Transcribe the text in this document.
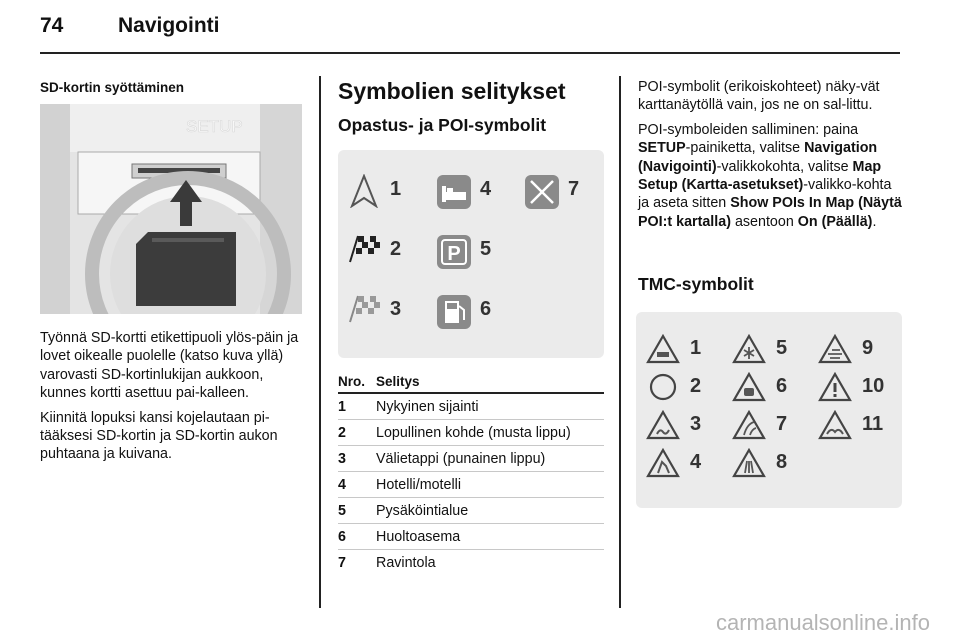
74	Navigointi
SD-kortin syöttäminen
SETUP

Työnnä SD-kortti etikettipuoli ylös-päin ja lovet oikealle puolelle (katso kuva yllä) varovasti SD-kortinlukijan aukkoon, kunnes kortti asettuu pai-kalleen.

Kiinnitä lopuksi kansi kojelautaan pi-tääksesi SD-kortin ja SD-kortin aukon puhtaana ja kuivana.

Symbolien selitykset
Opastus- ja POI-symbolit
1
2
3
4
P 5
6
7
Nro.	Selitys
1	Nykyinen sijainti
2	Lopullinen kohde (musta lippu)
3	Välietappi (punainen lippu)
4	Hotelli/motelli
5	Pysäköintialue
6	Huoltoasema
7	Ravintola

POI-symbolit (erikoiskohteet) näky-vät karttanäytöllä vain, jos ne on sal-littu.

POI-symboleiden salliminen: paina SETUP-painiketta, valitse Navigation (Navigointi)-valikkokohta, valitse Map Setup (Kartta-asetukset)-valikko-kohta ja aseta sitten Show POIs In Map (Näytä POI:t kartalla) asentoon On (Päällä).

TMC-symbolit
1
2
3
4
5
6
7
8
9
10
11
carmanualsonline.info
